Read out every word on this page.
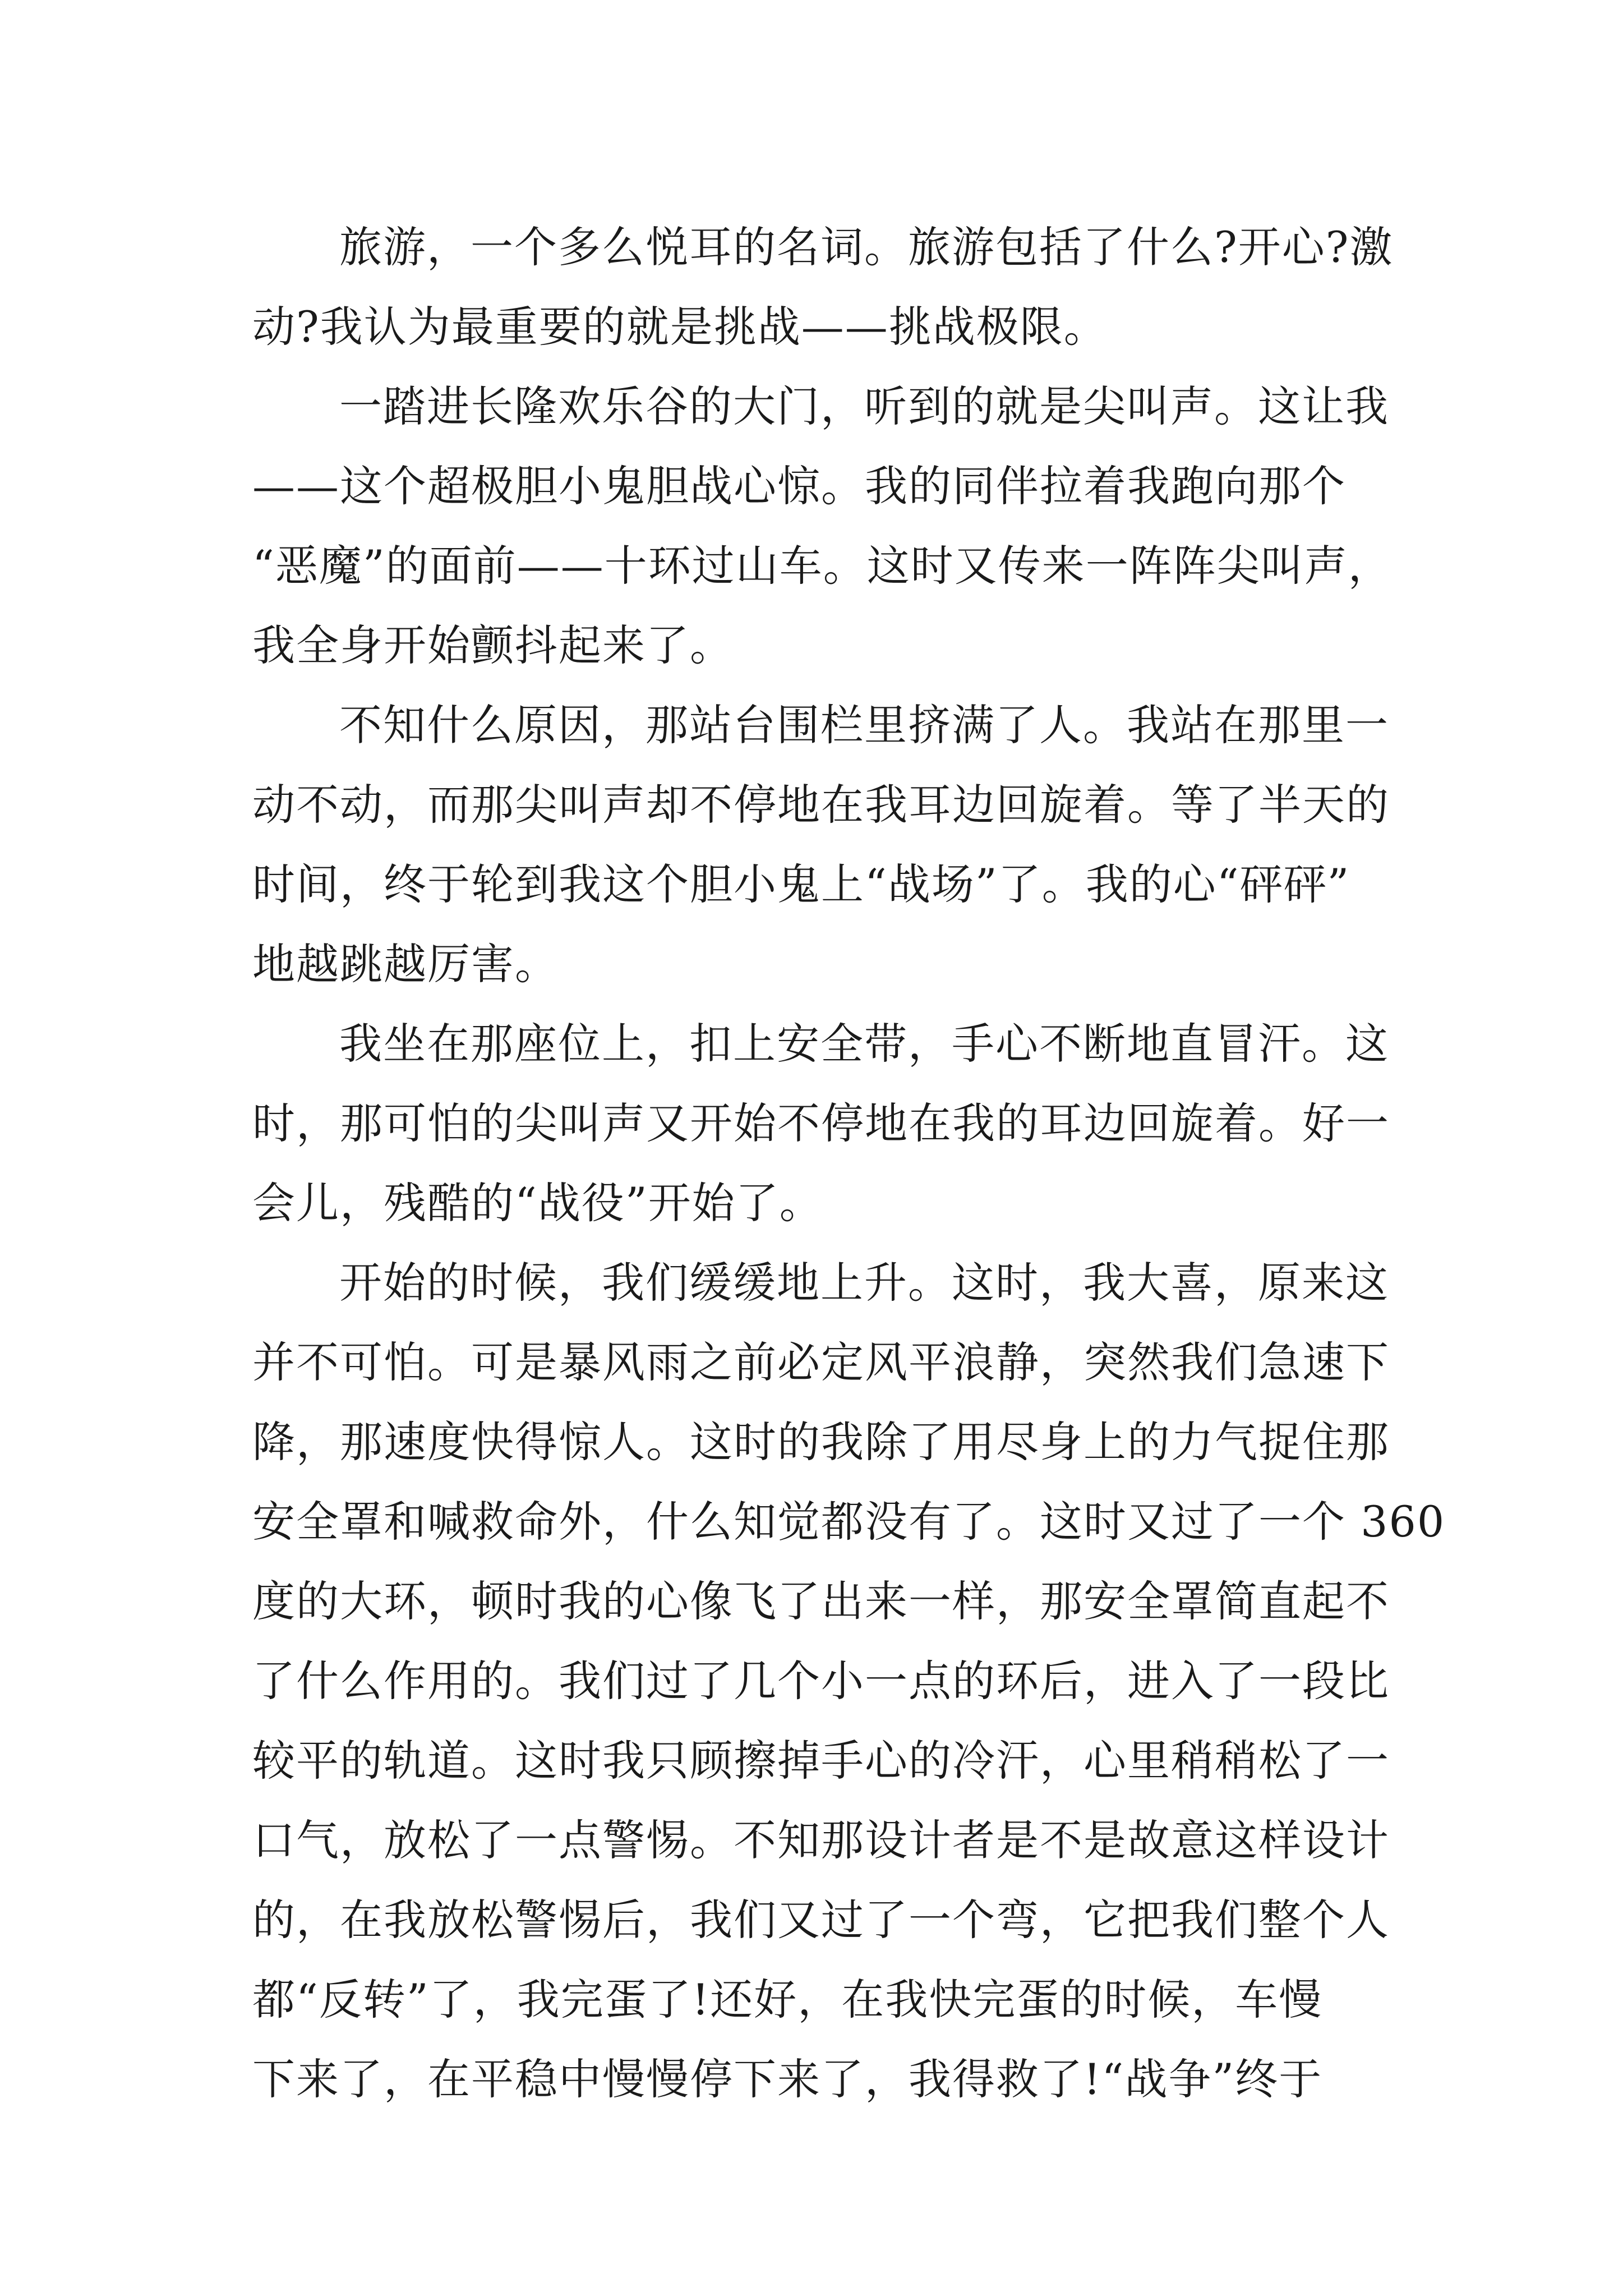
旅游，一个多么悦耳的名词。旅游包括了什么?开心?激
动?我认为最重要的就是挑战——挑战极限。
一踏进长隆欢乐谷的大门，听到的就是尖叫声。这让我
——这个超极胆小鬼胆战心惊。我的同伴拉着我跑向那个
“恶魔”的面前——十环过山车。这时又传来一阵阵尖叫声，
我全身开始颤抖起来了。
不知什么原因，那站台围栏里挤满了人。我站在那里一
动不动，而那尖叫声却不停地在我耳边回旋着。等了半天的
时间，终于轮到我这个胆小鬼上“战场”了。我的心“砰砰”
地越跳越厉害。
我坐在那座位上，扣上安全带，手心不断地直冒汗。这
时，那可怕的尖叫声又开始不停地在我的耳边回旋着。好一
会儿，残酷的“战役”开始了。
开始的时候，我们缓缓地上升。这时，我大喜，原来这
并不可怕。可是暴风雨之前必定风平浪静，突然我们急速下
降，那速度快得惊人。这时的我除了用尽身上的力气捉住那
安全罩和喊救命外，什么知觉都没有了。这时又过了一个 360
度的大环，顿时我的心像飞了出来一样，那安全罩简直起不
了什么作用的。我们过了几个小一点的环后，进入了一段比
较平的轨道。这时我只顾擦掉手心的冷汗，心里稍稍松了一
口气，放松了一点警惕。不知那设计者是不是故意这样设计
的，在我放松警惕后，我们又过了一个弯，它把我们整个人
都“反转”了，我完蛋了!还好，在我快完蛋的时候，车慢
下来了，在平稳中慢慢停下来了，我得救了!“战争”终于
